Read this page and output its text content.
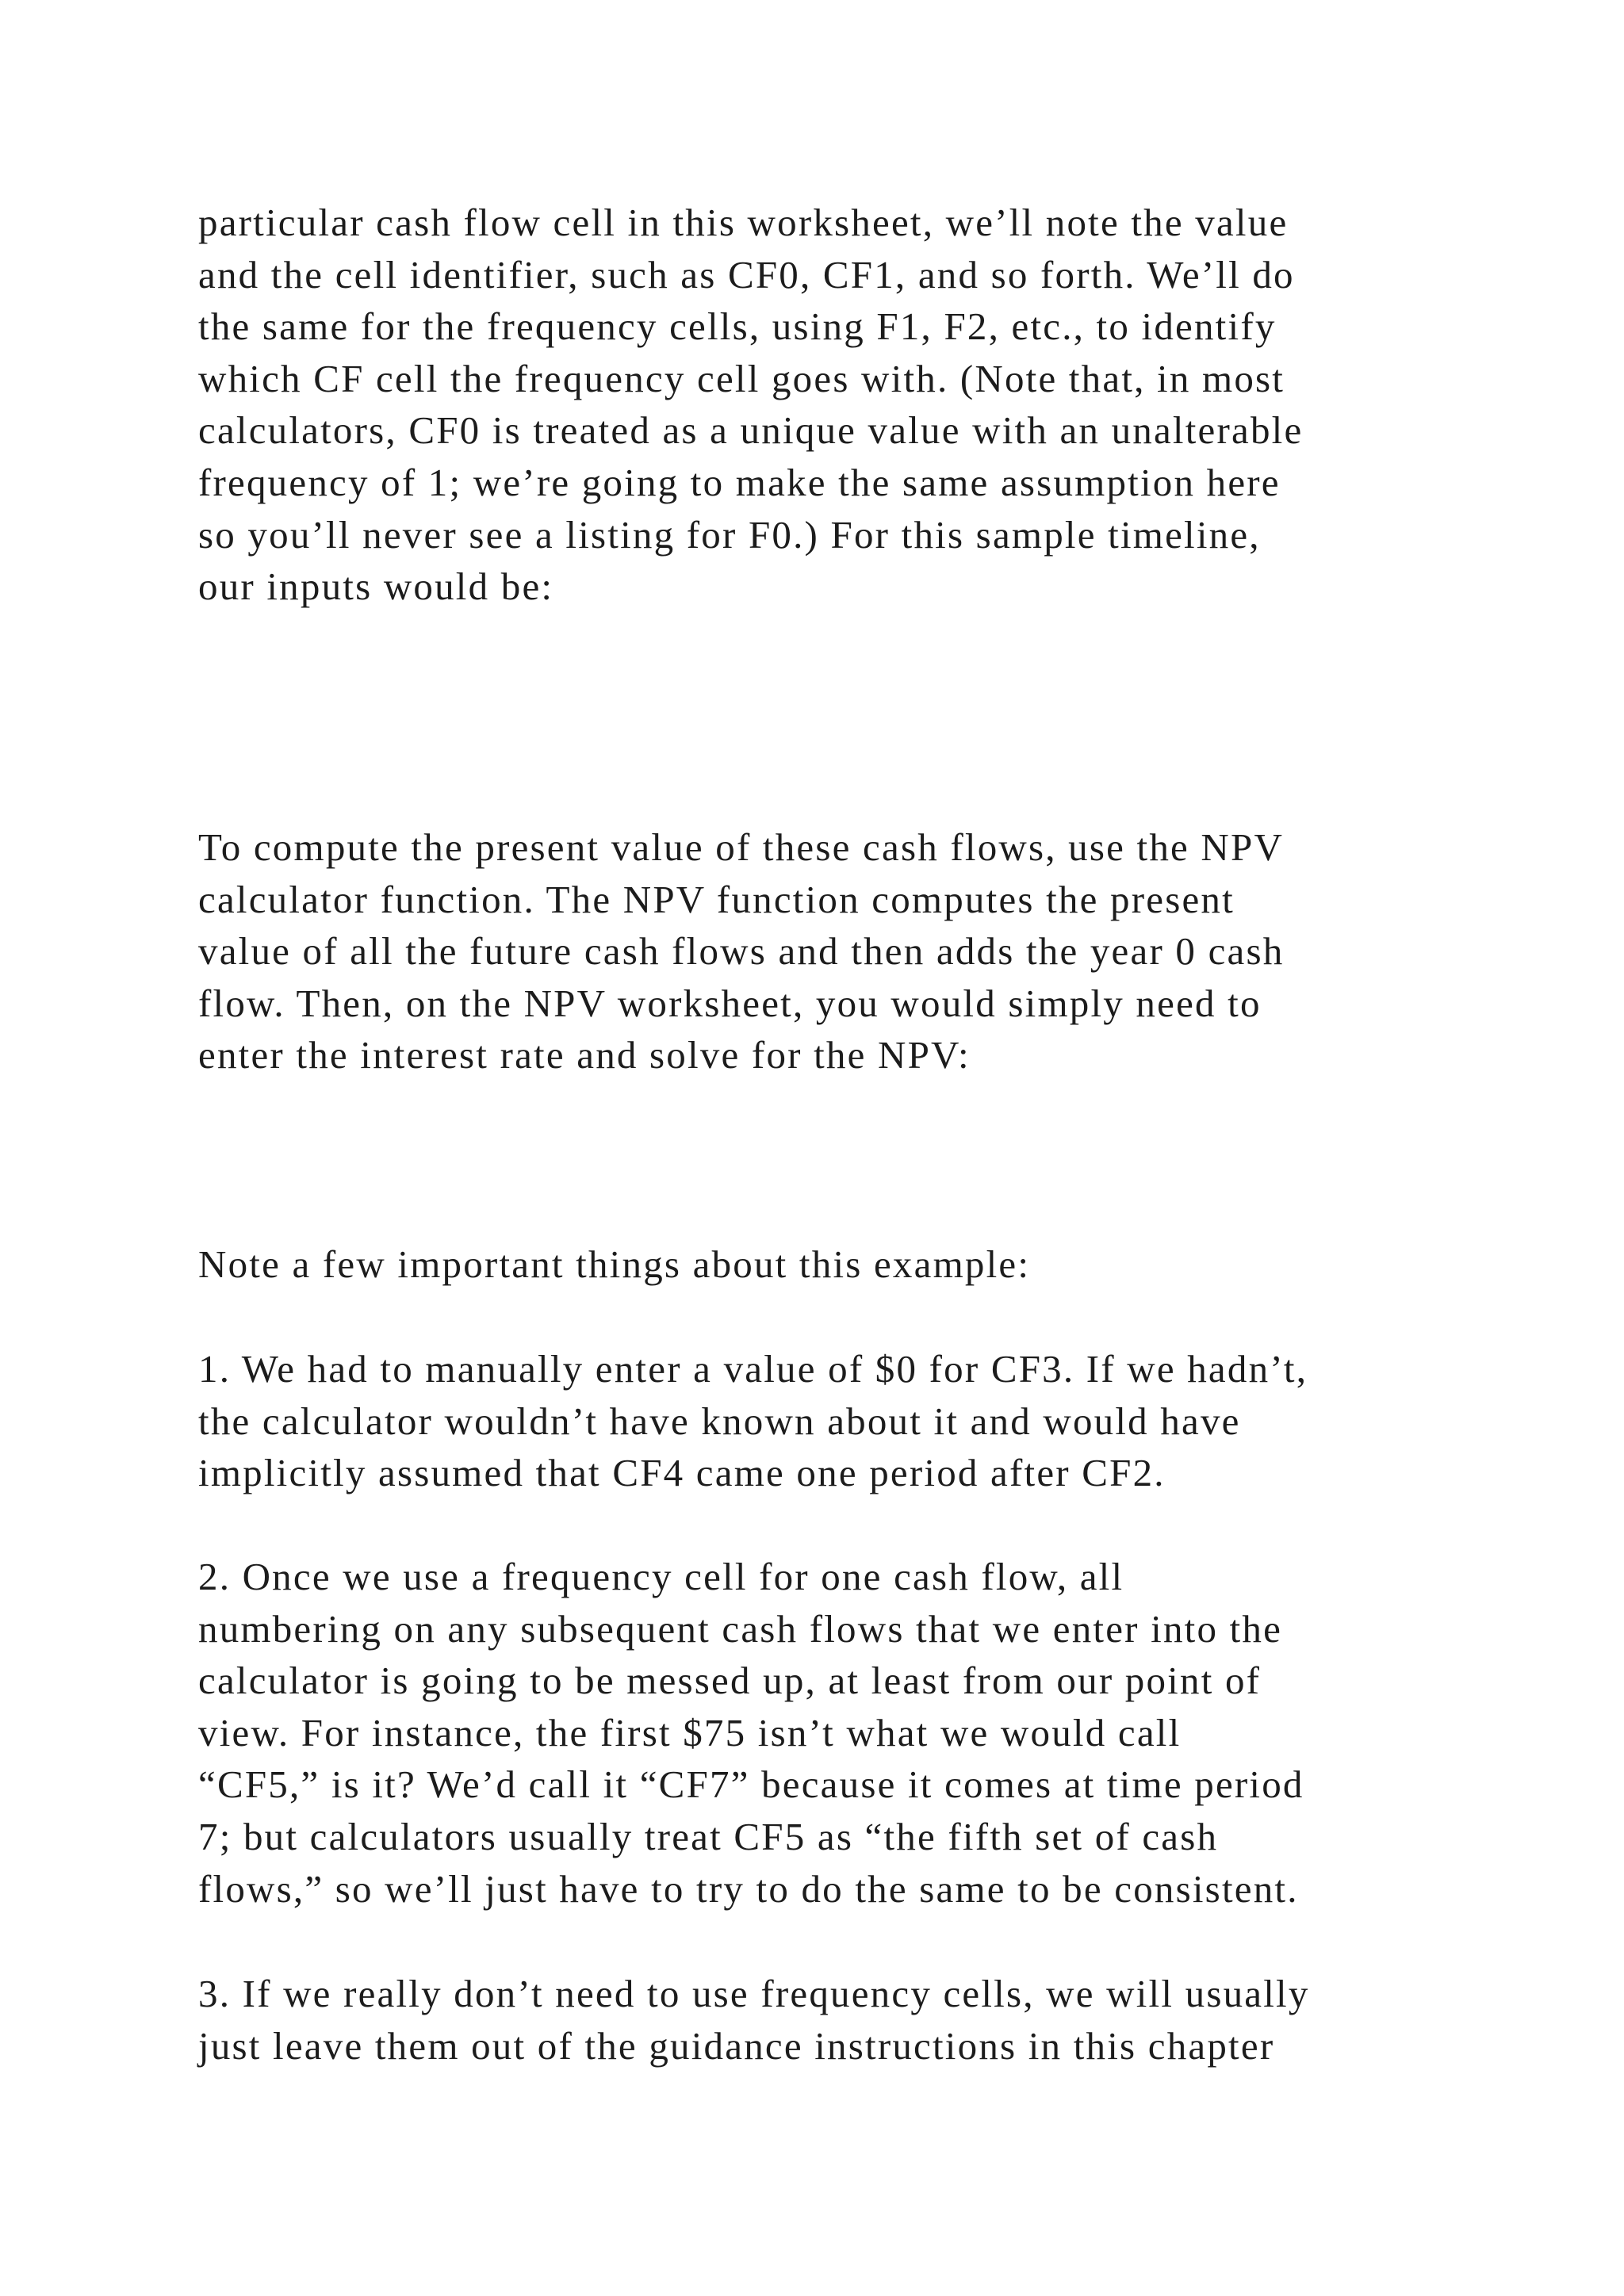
particular cash flow cell in this worksheet, we’ll note the value
and the cell identifier, such as CF0, CF1, and so forth. We’ll do
the same for the frequency cells, using F1, F2, etc., to identify
which CF cell the frequency cell goes with. (Note that, in most
calculators, CF0 is treated as a unique value with an unalterable
frequency of 1; we’re going to make the same assumption here
so you’ll never see a listing for F0.) For this sample timeline,
our inputs would be:

To compute the present value of these cash flows, use the NPV
calculator function. The NPV function computes the present
value of all the future cash flows and then adds the year 0 cash
flow. Then, on the NPV worksheet, you would simply need to
enter the interest rate and solve for the NPV:

Note a few important things about this example:

1. We had to manually enter a value of $0 for CF3. If we hadn’t,
the calculator wouldn’t have known about it and would have
implicitly assumed that CF4 came one period after CF2.

2. Once we use a frequency cell for one cash flow, all
numbering on any subsequent cash flows that we enter into the
calculator is going to be messed up, at least from our point of
view. For instance, the first $75 isn’t what we would call
“CF5,” is it? We’d call it “CF7” because it comes at time period
7; but calculators usually treat CF5 as “the fifth set of cash
flows,” so we’ll just have to try to do the same to be consistent.

3. If we really don’t need to use frequency cells, we will usually
just leave them out of the guidance instructions in this chapter
